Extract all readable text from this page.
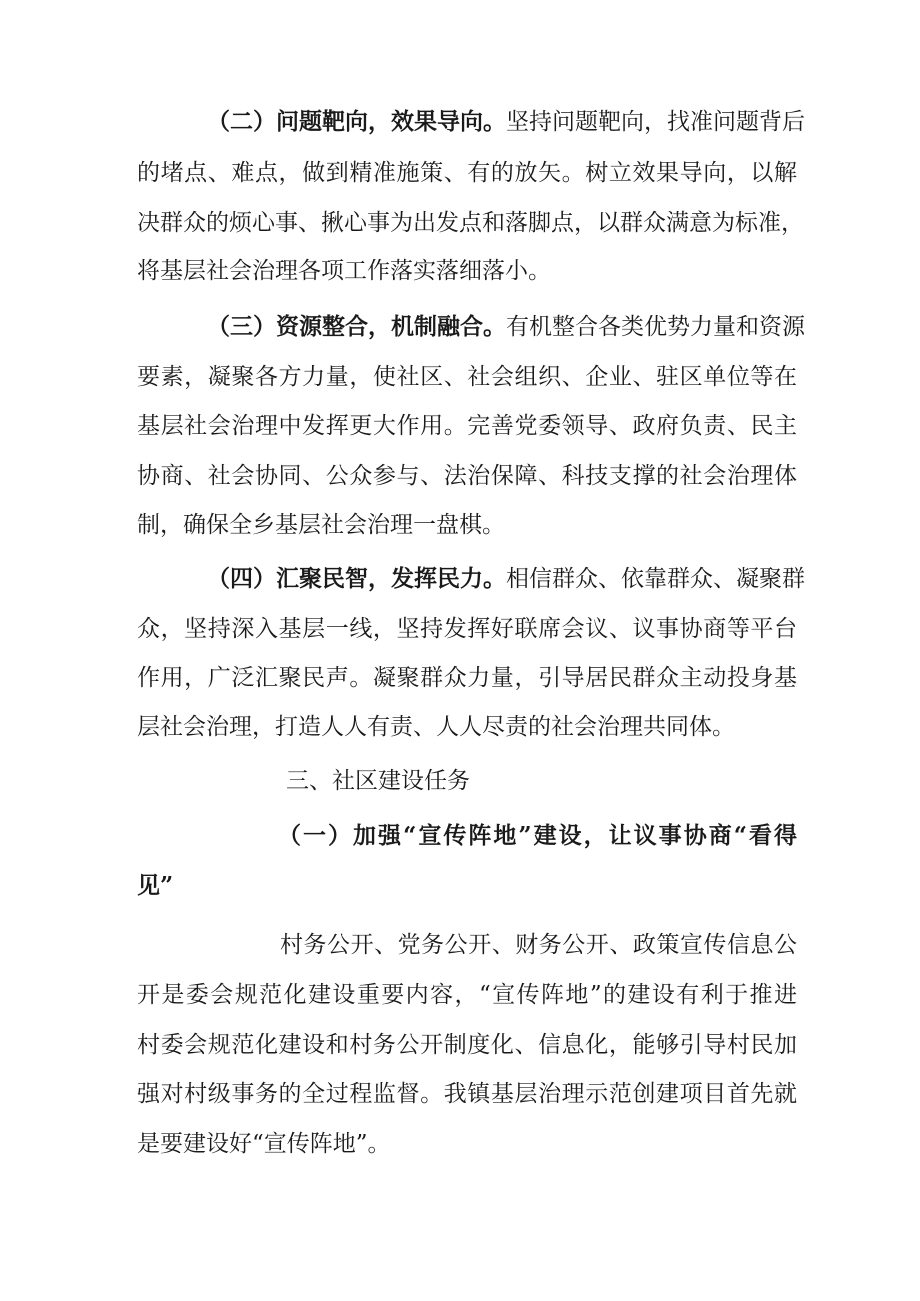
（二）问题靶向，效果导向。坚持问题靶向，找准问题背后
的堵点、难点，做到精准施策、有的放矢。树立效果导向，以解
决群众的烦心事、揪心事为出发点和落脚点，以群众满意为标准，
将基层社会治理各项工作落实落细落小。
（三）资源整合，机制融合。有机整合各类优势力量和资源
要素，凝聚各方力量，使社区、社会组织、企业、驻区单位等在
基层社会治理中发挥更大作用。完善党委领导、政府负责、民主
协商、社会协同、公众参与、法治保障、科技支撑的社会治理体
制，确保全乡基层社会治理一盘棋。
（四）汇聚民智，发挥民力。相信群众、依靠群众、凝聚群
众，坚持深入基层一线，坚持发挥好联席会议、议事协商等平台
作用，广泛汇聚民声。凝聚群众力量，引导居民群众主动投身基
层社会治理，打造人人有责、人人尽责的社会治理共同体。
三、社区建设任务
（一）加强“宣传阵地”建设，让议事协商“看得
见”
村务公开、党务公开、财务公开、政策宣传信息公
开是委会规范化建设重要内容，“宣传阵地”的建设有利于推进
村委会规范化建设和村务公开制度化、信息化，能够引导村民加
强对村级事务的全过程监督。我镇基层治理示范创建项目首先就
是要建设好“宣传阵地”。
